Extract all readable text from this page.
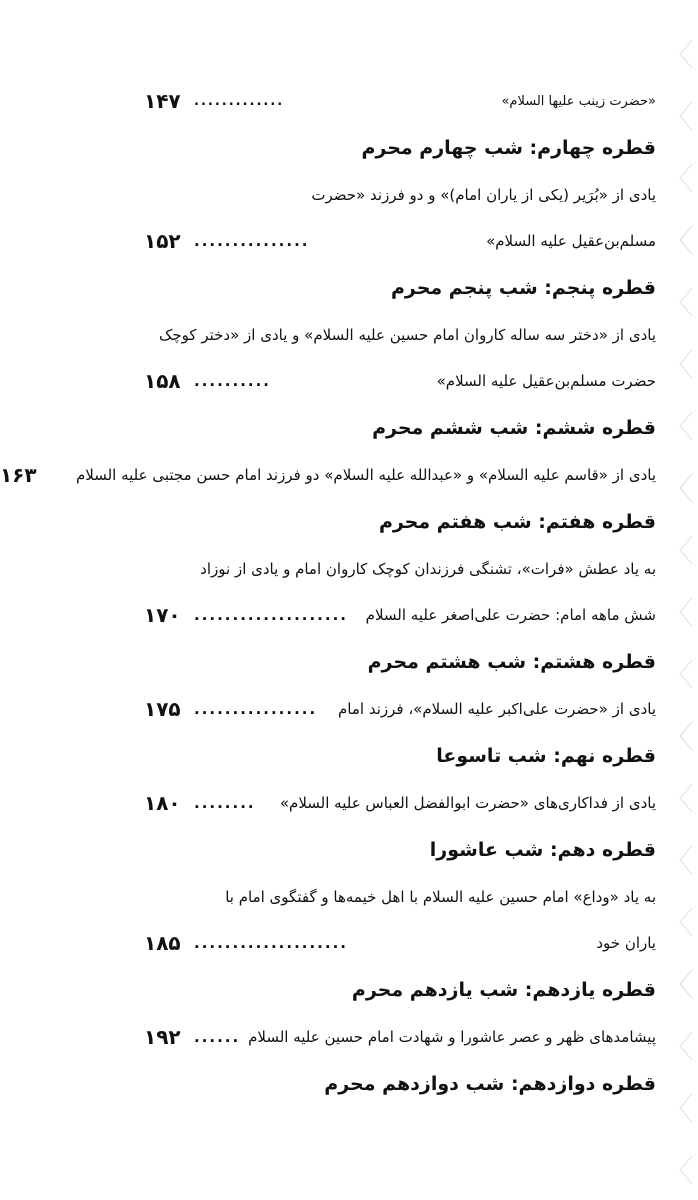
«حضرت زینب علیها السلام»
.............
۱۴۷
قطره چهارم: شب چهارم محرم
یادی از «بُرَیر (یکی از یاران امام)» و دو فرزند «حضرت
مسلم‌بن‌عقیل علیه السلام»
...............
۱۵۲
قطره پنجم: شب پنجم محرم
یادی از «دختر سه ساله کاروان امام حسین علیه السلام» و یادی از «دختر کوچک
حضرت مسلم‌بن‌عقیل علیه السلام»
..........
۱۵۸
قطره ششم: شب ششم محرم
یادی از «قاسم علیه السلام» و «عبدالله علیه السلام» دو فرزند امام حسن مجتبی علیه السلام
۱۶۳
قطره هفتم: شب هفتم محرم
به یاد عطش «فرات»، تشنگی فرزندان کوچک کاروان امام و یادی از نوزاد
شش ماهه امام: حضرت علی‌اصغر علیه السلام
....................
۱۷۰
قطره هشتم: شب هشتم محرم
یادی از «حضرت علی‌اکبر علیه السلام»، فرزند امام
................
۱۷۵
قطره نهم: شب تاسوعا
یادی از فداکاری‌های «حضرت ابوالفضل العباس علیه السلام»
........
۱۸۰
قطره دهم: شب عاشورا
به یاد «وداع» امام حسین علیه السلام با اهل خیمه‌ها و گفتگوی امام با
یاران خود
....................
۱۸۵
قطره یازدهم: شب یازدهم محرم
پیشامدهای ظهر و عصر عاشورا و شهادت امام حسین علیه السلام
......
۱۹۲
قطره دوازدهم: شب دوازدهم محرم
